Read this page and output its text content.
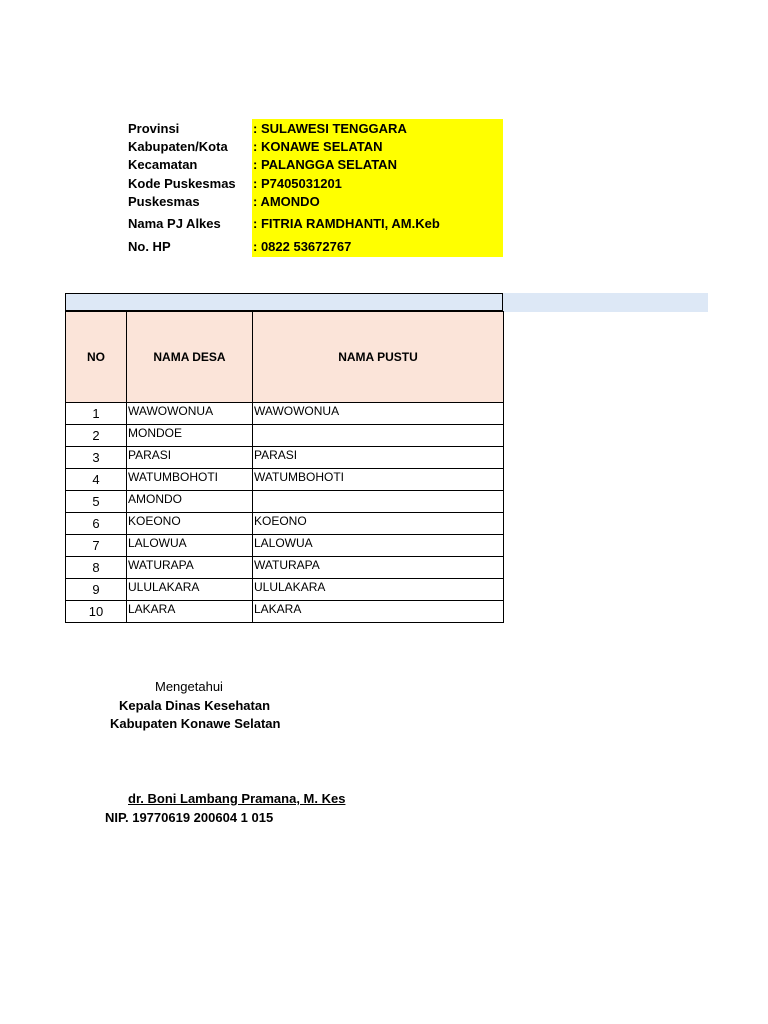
Provinsi	: SULAWESI TENGGARA
Kabupaten/Kota : KONAWE SELATAN
Kecamatan	: PALANGGA SELATAN
Kode Puskesmas : P7405031201
Puskesmas	: AMONDO
Nama PJ Alkes : FITRIA RAMDHANTI, AM.Keb
No. HP	: 0822 53672767
NO	NAMA DESA	NAMA PUSTU
1	WAWOWONUA	WAWOWONUA
2	MONDOE	
3	PARASI	PARASI
4	WATUMBOHOTI	WATUMBOHOTI
5	AMONDO	
6	KOEONO	KOEONO
7	LALOWUA	LALOWUA
8	WATURAPA	WATURAPA
9	ULULAKARA	ULULAKARA
10	LAKARA	LAKARA
Mengetahui
Kepala Dinas Kesehatan
Kabupaten Konawe Selatan
dr. Boni Lambang Pramana, M. Kes
NIP. 19770619 200604 1 015
